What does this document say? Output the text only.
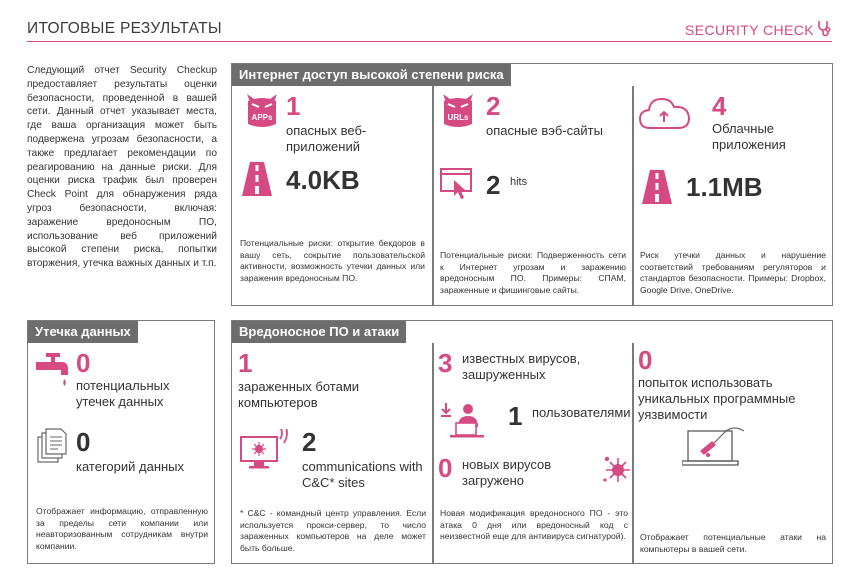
ИТОГОВЫЕ РЕЗУЛЬТАТЫ	SECURITY CHECK
Следующий отчет Security Checkup предоставляет результаты оценки безопасности, проведенной в вашей сети. Данный отчет указывает места, где ваша организация может быть подвержена угрозам безопасности, а также предлагает рекомендации по реагированию на данные риски. Для оценки риска трафик был проверен Check Point для обнаружения ряда угроз безопасности, включая: заражение вредоносным ПО, использование веб приложений высокой степени риска, попытки вторжения, утечка важных данных и т.п.
Интернет доступ высокой степени риска
APPs 1
опасных веб-приложений
4.0KB
Потенциальные риски: открытие бекдоров в вашу сеть, сокрытие пользовательской активности, возможность утечки данных или заражения вредоносным ПО.
URLs 2
опасные вэб-сайты
2 hits
Потенциальные риски: Подверженность сети к Интернет угрозам и заражению вредоносным ПО. Примеры: СПАМ, зараженные и фишинговые сайты.
4
Облачные приложения
1.1MB
Риск утечки данных и нарушение соответствий требованиям регуляторов и стандартов безопасности. Примеры: Dropbox, Google Drive, OneDrive.
Утечка данных
0
потенциальных утечек данных
0
категорий данных
Отображает информацию, отправленную за пределы сети компании или неавторизованным сотрудникам внутри компании.
Вредоносное ПО и атаки
1
зараженных ботами компьютеров
2
communications with C&C* sites
* C&C - командный центр управления. Если используется прокси-сервер, то число зараженных компьютеров на деле может быть больше.
3 известных вирусов, зашруженных
1 пользователями
0 новых вирусов загружено
Новая модификация вредоносного ПО - это атака 0 дня или вредоносный код с неизвестной еще для антивируса сигнатурой).
0
попыток использовать уникальных программные уязвимости
Отображает потенциальные атаки на компьютеры в вашей сети.
